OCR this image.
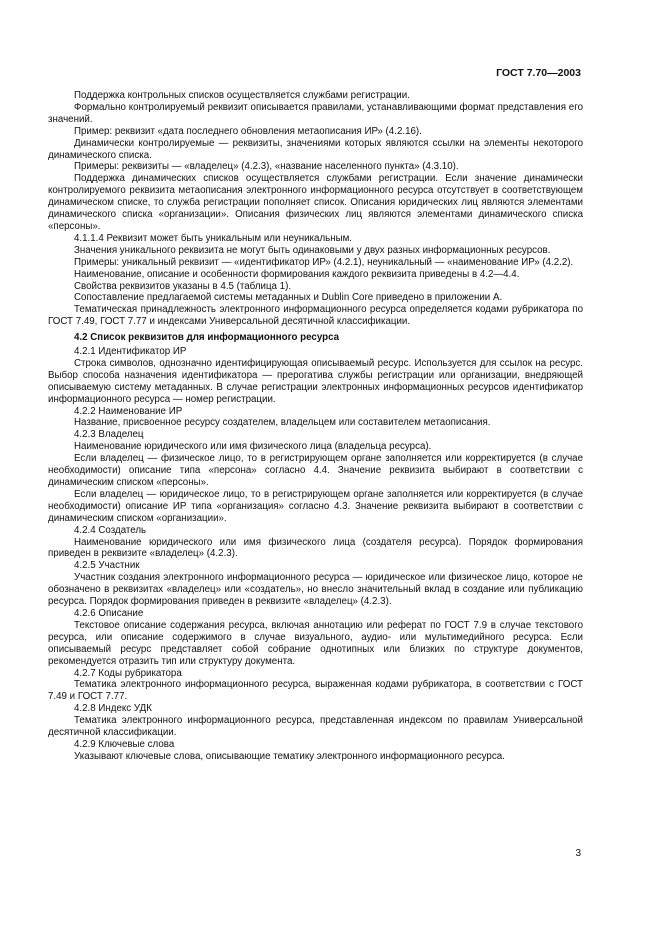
ГОСТ 7.70—2003

Поддержка контрольных списков осуществляется службами регистрации.

Формально контролируемый реквизит описывается правилами, устанавливающими формат представления его значений.

Пример: реквизит «дата последнего обновления метаописания ИР» (4.2.16).

Динамически контролируемые — реквизиты, значениями которых являются ссылки на элементы некоторого динамического списка.

Примеры: реквизиты — «владелец» (4.2.3), «название населенного пункта» (4.3.10).

Поддержка динамических списков осуществляется службами регистрации. Если значение динамически контролируемого реквизита метаописания электронного информационного ресурса отсутствует в соответствующем динамическом списке, то служба регистрации пополняет список. Описания юридических лиц являются элементами динамического списка «организации». Описания физических лиц являются элементами динамического списка «персоны».

4.1.1.4 Реквизит может быть уникальным или неуникальным.

Значения уникального реквизита не могут быть одинаковыми у двух разных информационных ресурсов.

Примеры: уникальный реквизит — «идентификатор ИР» (4.2.1), неуникальный — «наименование ИР» (4.2.2).

Наименование, описание и особенности формирования каждого реквизита приведены в 4.2—4.4.

Свойства реквизитов указаны в 4.5 (таблица 1).

Сопоставление предлагаемой системы метаданных и Dublin Core приведено в приложении А.

Тематическая принадлежность электронного информационного ресурса определяется кодами рубрикатора по ГОСТ 7.49, ГОСТ 7.77 и индексами Универсальной десятичной классификации.

4.2 Список реквизитов для информационного ресурса

4.2.1 Идентификатор ИР

Строка символов, однозначно идентифицирующая описываемый ресурс. Используется для ссылок на ресурс. Выбор способа назначения идентификатора — прерогатива службы регистрации или организации, внедряющей описываемую систему метаданных. В случае регистрации электронных информационных ресурсов идентификатор информационного ресурса — номер регистрации.

4.2.2 Наименование ИР

Название, присвоенное ресурсу создателем, владельцем или составителем метаописания.

4.2.3 Владелец

Наименование юридического или имя физического лица (владельца ресурса).

Если владелец — физическое лицо, то в регистрирующем органе заполняется или корректируется (в случае необходимости) описание типа «персона» согласно 4.4. Значение реквизита выбирают в соответствии с динамическим списком «персоны».

Если владелец — юридическое лицо, то в регистрирующем органе заполняется или корректируется (в случае необходимости) описание ИР типа «организация» согласно 4.3. Значение реквизита выбирают в соответствии с динамическим списком «организации».

4.2.4 Создатель

Наименование юридического или имя физического лица (создателя ресурса). Порядок формирования приведен в реквизите «владелец» (4.2.3).

4.2.5 Участник

Участник создания электронного информационного ресурса — юридическое или физическое лицо, которое не обозначено в реквизитах «владелец» или «создатель», но внесло значительный вклад в создание или публикацию ресурса. Порядок формирования приведен в реквизите «владелец» (4.2.3).

4.2.6 Описание

Текстовое описание содержания ресурса, включая аннотацию или реферат по ГОСТ 7.9 в случае текстового ресурса, или описание содержимого в случае визуального, аудио- или мультимедийного ресурса. Если описываемый ресурс представляет собой собрание однотипных или близких по структуре документов, рекомендуется отразить тип или структуру документа.

4.2.7 Коды рубрикатора

Тематика электронного информационного ресурса, выраженная кодами рубрикатора, в соответствии с ГОСТ 7.49 и ГОСТ 7.77.

4.2.8 Индекс УДК

Тематика электронного информационного ресурса, представленная индексом по правилам Универсальной десятичной классификации.

4.2.9 Ключевые слова

Указывают ключевые слова, описывающие тематику электронного информационного ресурса.

3
